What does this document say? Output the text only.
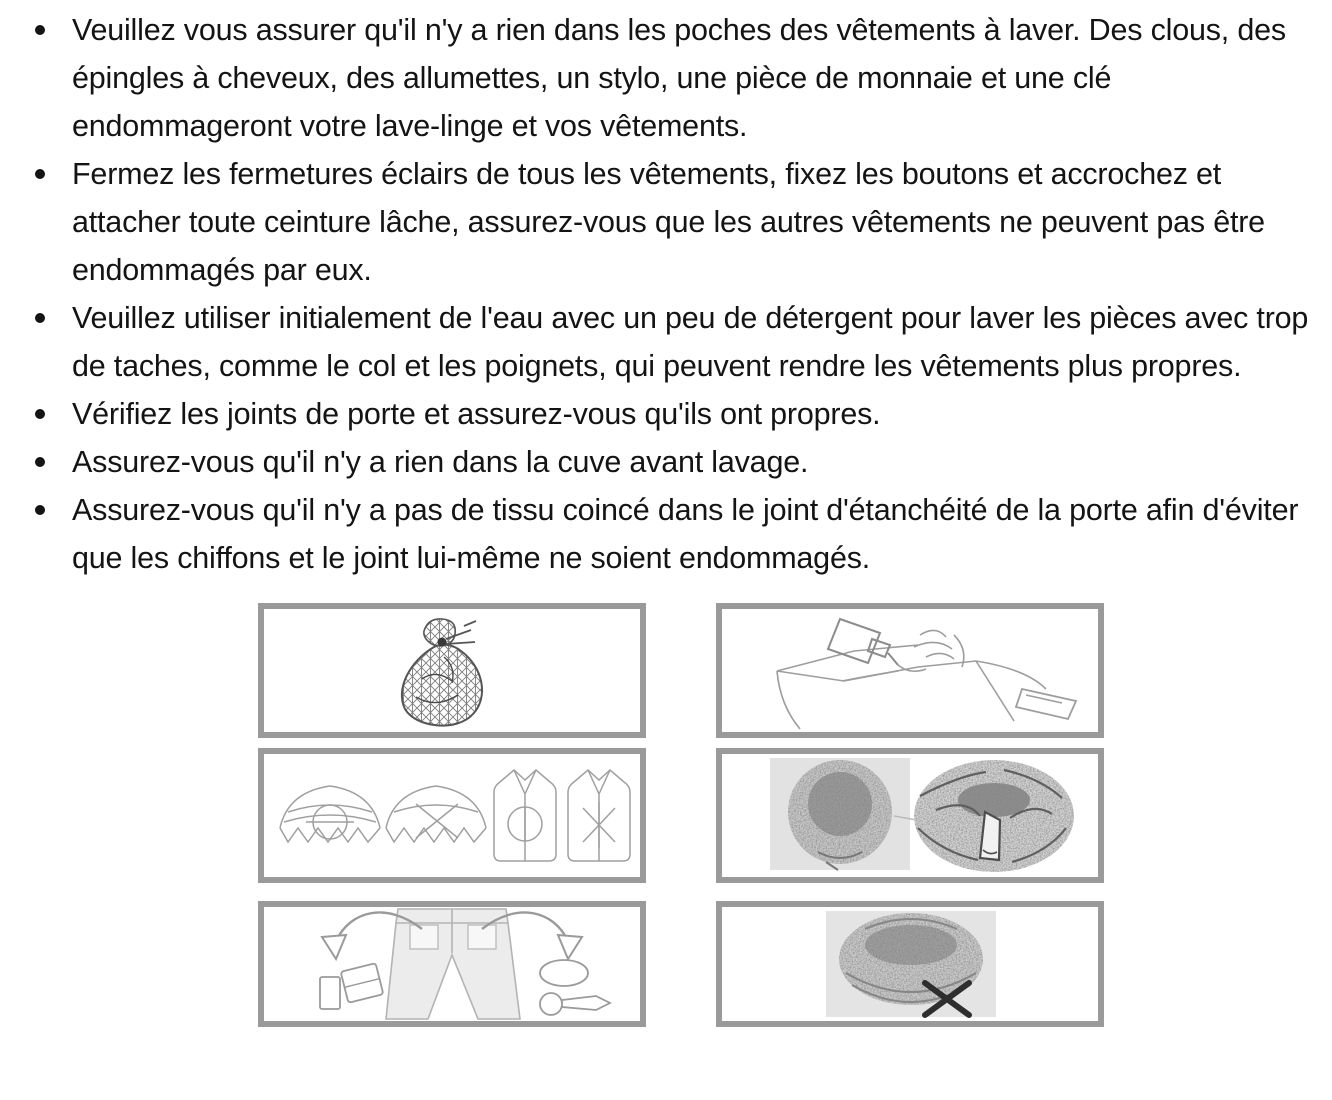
Veuillez vous assurer qu'il n'y a rien dans les poches des vêtements à laver. Des clous, des épingles à cheveux, des allumettes, un stylo, une pièce de monnaie et une clé endommageront votre lave-linge et vos vêtements.
Fermez les fermetures éclairs de tous les vêtements, fixez les boutons et accrochez et attacher toute ceinture lâche, assurez-vous que les autres vêtements ne peuvent pas être endommagés par eux.
Veuillez utiliser initialement de l'eau avec un peu de détergent pour laver les pièces avec trop de taches, comme le col et les poignets, qui peuvent rendre les vêtements plus propres.
Vérifiez les joints de porte et assurez-vous qu'ils ont propres.
Assurez-vous qu'il n'y a rien dans la cuve avant lavage.
Assurez-vous qu'il n'y a pas de tissu coincé dans le joint d'étanchéité de la porte afin d'éviter que les chiffons et le joint lui-même ne soient endommagés.
